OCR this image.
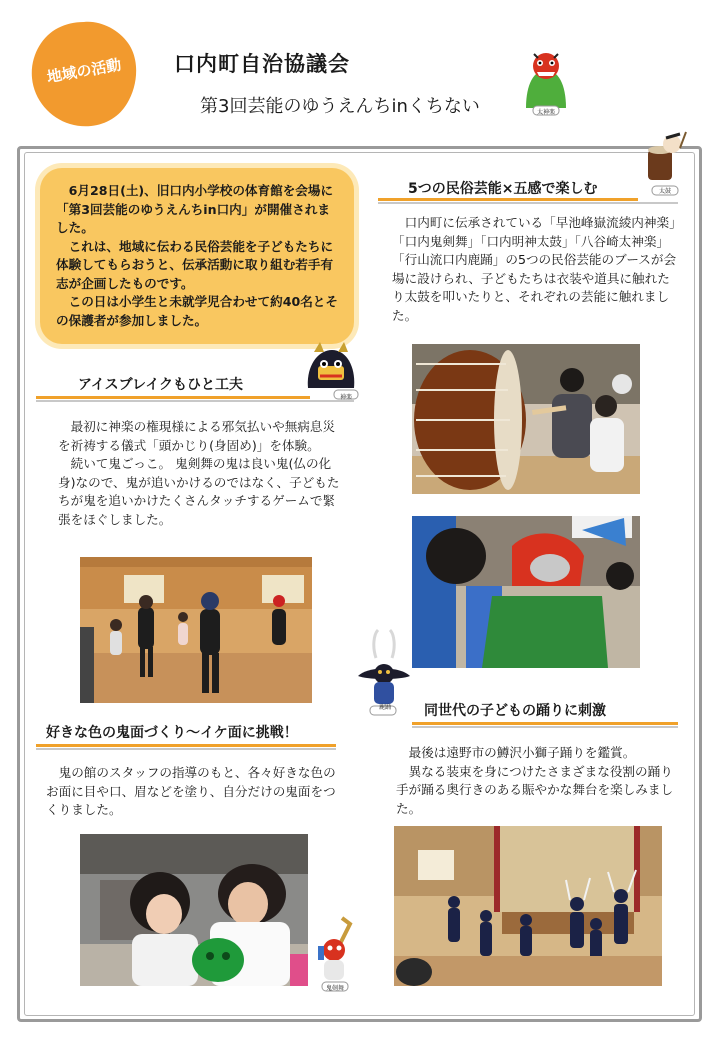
地域の活動	口内町自治協議会
第3回芸能のゆうえんちinくちない	太神楽

6月28日(土)、旧口内小学校の体育館を会場に「第3回芸能のゆうえんちin口内」が開催されました。

これは、地域に伝わる民俗芸能を子どもたちに体験してもらおうと、伝承活動に取り組む若手有志が企画したものです。

この日は小学生と未就学児合わせて約40名とその保護者が参加しました。

アイスブレイクもひと工夫
神楽

最初に神楽の権現様による邪気払いや無病息災を祈祷する儀式「頭かじり(身固め)」を体験。

続いて鬼ごっこ。 鬼剣舞の鬼は良い鬼(仏の化身)なので、鬼が追いかけるのではなく、子どもたちが鬼を追いかけたくさんタッチするゲームで緊張をほぐしました。

好きな色の鬼面づくり～イケ面に挑戦！

鬼の館のスタッフの指導のもと、各々好きな色のお面に目や口、眉などを塗り、自分だけの鬼面をつくりました。

鬼剣舞
5つの民俗芸能×五感で楽しむ	太鼓

口内町に伝承されている「早池峰嶽流綾内神楽」「口内鬼剣舞」「口内明神太鼓」「八谷崎太神楽」「行山流口内鹿踊」の5つの民俗芸能のブースが会場に設けられ、子どもたちは衣装や道具に触れたり太鼓を叩いたりと、それぞれの芸能に触れました。

鹿踊	同世代の子どもの踊りに刺激

最後は遠野市の鱒沢小獅子踊りを鑑賞。

異なる装束を身につけたさまざまな役割の踊り手が踊る奥行きのある賑やかな舞台を楽しみました。
